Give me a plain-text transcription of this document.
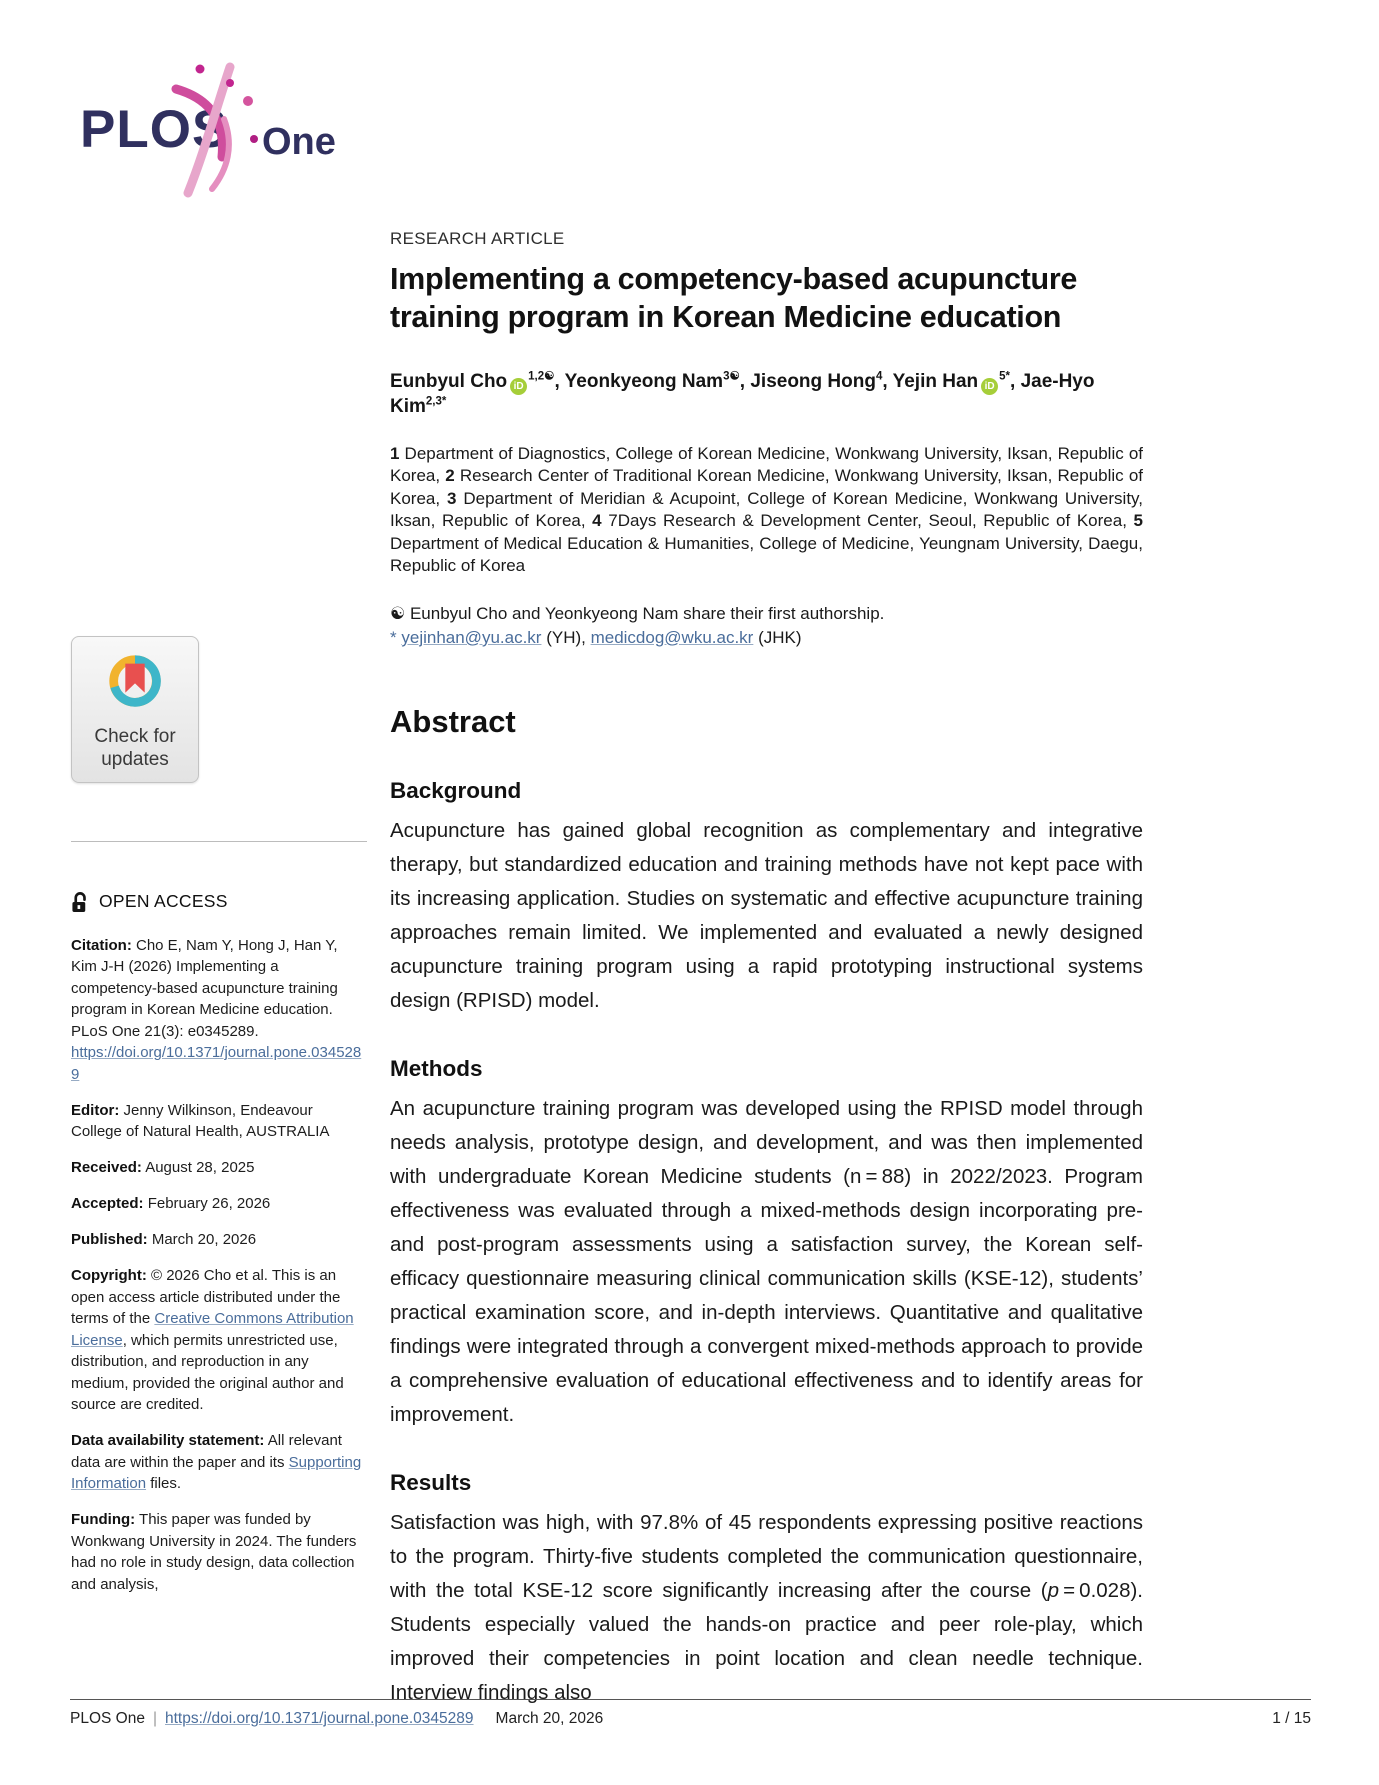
PLOS One
Check for
updates
OPEN ACCESS

Citation: Cho E, Nam Y, Hong J, Han Y, Kim J-H (2026) Implementing a competency-based acupuncture training program in Korean Medicine education. PLoS One 21(3): e0345289. https://doi.org/10.1371/journal.pone.0345289

Editor: Jenny Wilkinson, Endeavour College of Natural Health, AUSTRALIA

Received: August 28, 2025

Accepted: February 26, 2026

Published: March 20, 2026

Copyright: © 2026 Cho et al. This is an open access article distributed under the terms of the Creative Commons Attribution License, which permits unrestricted use, distribution, and reproduction in any medium, provided the original author and source are credited.

Data availability statement: All relevant data are within the paper and its Supporting Information files.

Funding: This paper was funded by Wonkwang University in 2024. The funders had no role in study design, data collection and analysis,

RESEARCH ARTICLE

Implementing a competency-based acupuncture training program in Korean Medicine education

Eunbyul Cho $iD^{1,2☯}$, Yeonkyeong Nam$^{3☯}$, Jiseong Hong$^4$, Yejin Han $iD^{5*}$, Jae-Hyo Kim$^{2,3*}$

1 Department of Diagnostics, College of Korean Medicine, Wonkwang University, Iksan, Republic of Korea, 2 Research Center of Traditional Korean Medicine, Wonkwang University, Iksan, Republic of Korea, 3 Department of Meridian & Acupoint, College of Korean Medicine, Wonkwang University, Iksan, Republic of Korea, 4 7Days Research & Development Center, Seoul, Republic of Korea, 5 Department of Medical Education & Humanities, College of Medicine, Yeungnam University, Daegu, Republic of Korea

☯ Eunbyul Cho and Yeonkyeong Nam share their first authorship.
* yejinhan@yu.ac.kr (YH), medicdog@wku.ac.kr (JHK)

Abstract
Background

Acupuncture has gained global recognition as complementary and integrative therapy, but standardized education and training methods have not kept pace with its increasing application. Studies on systematic and effective acupuncture training approaches remain limited. We implemented and evaluated a newly designed acupuncture training program using a rapid prototyping instructional systems design (RPISD) model.

Methods

An acupuncture training program was developed using the RPISD model through needs analysis, prototype design, and development, and was then implemented with undergraduate Korean Medicine students (n = 88) in 2022/2023. Program effectiveness was evaluated through a mixed-methods design incorporating pre- and post-program assessments using a satisfaction survey, the Korean self-efficacy questionnaire measuring clinical communication skills (KSE-12), students’ practical examination score, and in-depth interviews. Quantitative and qualitative findings were integrated through a convergent mixed-methods approach to provide a comprehensive evaluation of educational effectiveness and to identify areas for improvement.

Results

Satisfaction was high, with 97.8% of 45 respondents expressing positive reactions to the program. Thirty-five students completed the communication questionnaire, with the total KSE-12 score significantly increasing after the course (p = 0.028). Students especially valued the hands-on practice and peer role-play, which improved their competencies in point location and clean needle technique. Interview findings also

PLOS One | https://doi.org/10.1371/journal.pone.0345289 March 20, 2026	1 / 15
